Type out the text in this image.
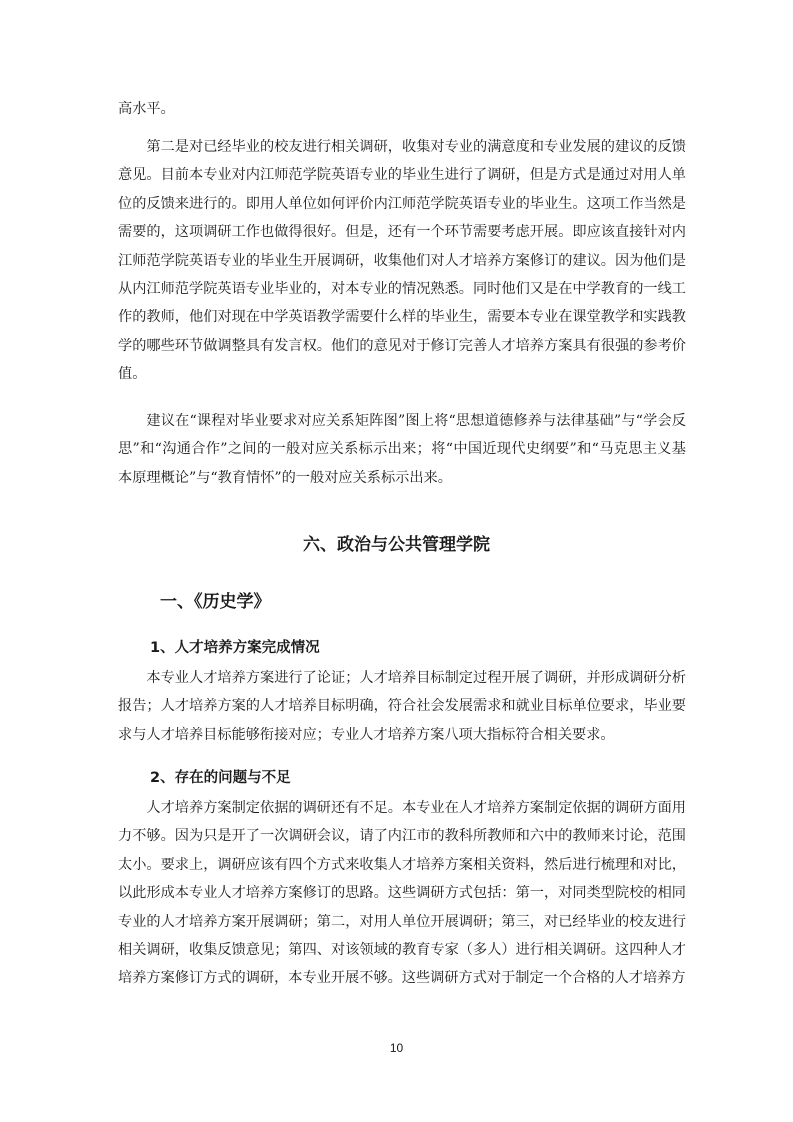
高水平。

第二是对已经毕业的校友进行相关调研，收集对专业的满意度和专业发展的建议的反馈意见。目前本专业对内江师范学院英语专业的毕业生进行了调研，但是方式是通过对用人单位的反馈来进行的。即用人单位如何评价内江师范学院英语专业的毕业生。这项工作当然是需要的，这项调研工作也做得很好。但是，还有一个环节需要考虑开展。即应该直接针对内江师范学院英语专业的毕业生开展调研，收集他们对人才培养方案修订的建议。因为他们是从内江师范学院英语专业毕业的，对本专业的情况熟悉。同时他们又是在中学教育的一线工作的教师，他们对现在中学英语教学需要什么样的毕业生，需要本专业在课堂教学和实践教学的哪些环节做调整具有发言权。他们的意见对于修订完善人才培养方案具有很强的参考价值。

建议在“课程对毕业要求对应关系矩阵图”图上将“思想道德修养与法律基础”与“学会反思”和“沟通合作”之间的一般对应关系标示出来；将“中国近现代史纲要”和“马克思主义基本原理概论”与“教育情怀”的一般对应关系标示出来。

六、政治与公共管理学院
一、《历史学》
1、人才培养方案完成情况

本专业人才培养方案进行了论证；人才培养目标制定过程开展了调研，并形成调研分析报告；人才培养方案的人才培养目标明确，符合社会发展需求和就业目标单位要求，毕业要求与人才培养目标能够衔接对应；专业人才培养方案八项大指标符合相关要求。

2、存在的问题与不足

人才培养方案制定依据的调研还有不足。本专业在人才培养方案制定依据的调研方面用力不够。因为只是开了一次调研会议，请了内江市的教科所教师和六中的教师来讨论，范围太小。要求上，调研应该有四个方式来收集人才培养方案相关资料，然后进行梳理和对比，以此形成本专业人才培养方案修订的思路。这些调研方式包括：第一，对同类型院校的相同专业的人才培养方案开展调研；第二，对用人单位开展调研；第三，对已经毕业的校友进行相关调研，收集反馈意见；第四、对该领域的教育专家（多人）进行相关调研。这四种人才培养方案修订方式的调研，本专业开展不够。这些调研方式对于制定一个合格的人才培养方

10
